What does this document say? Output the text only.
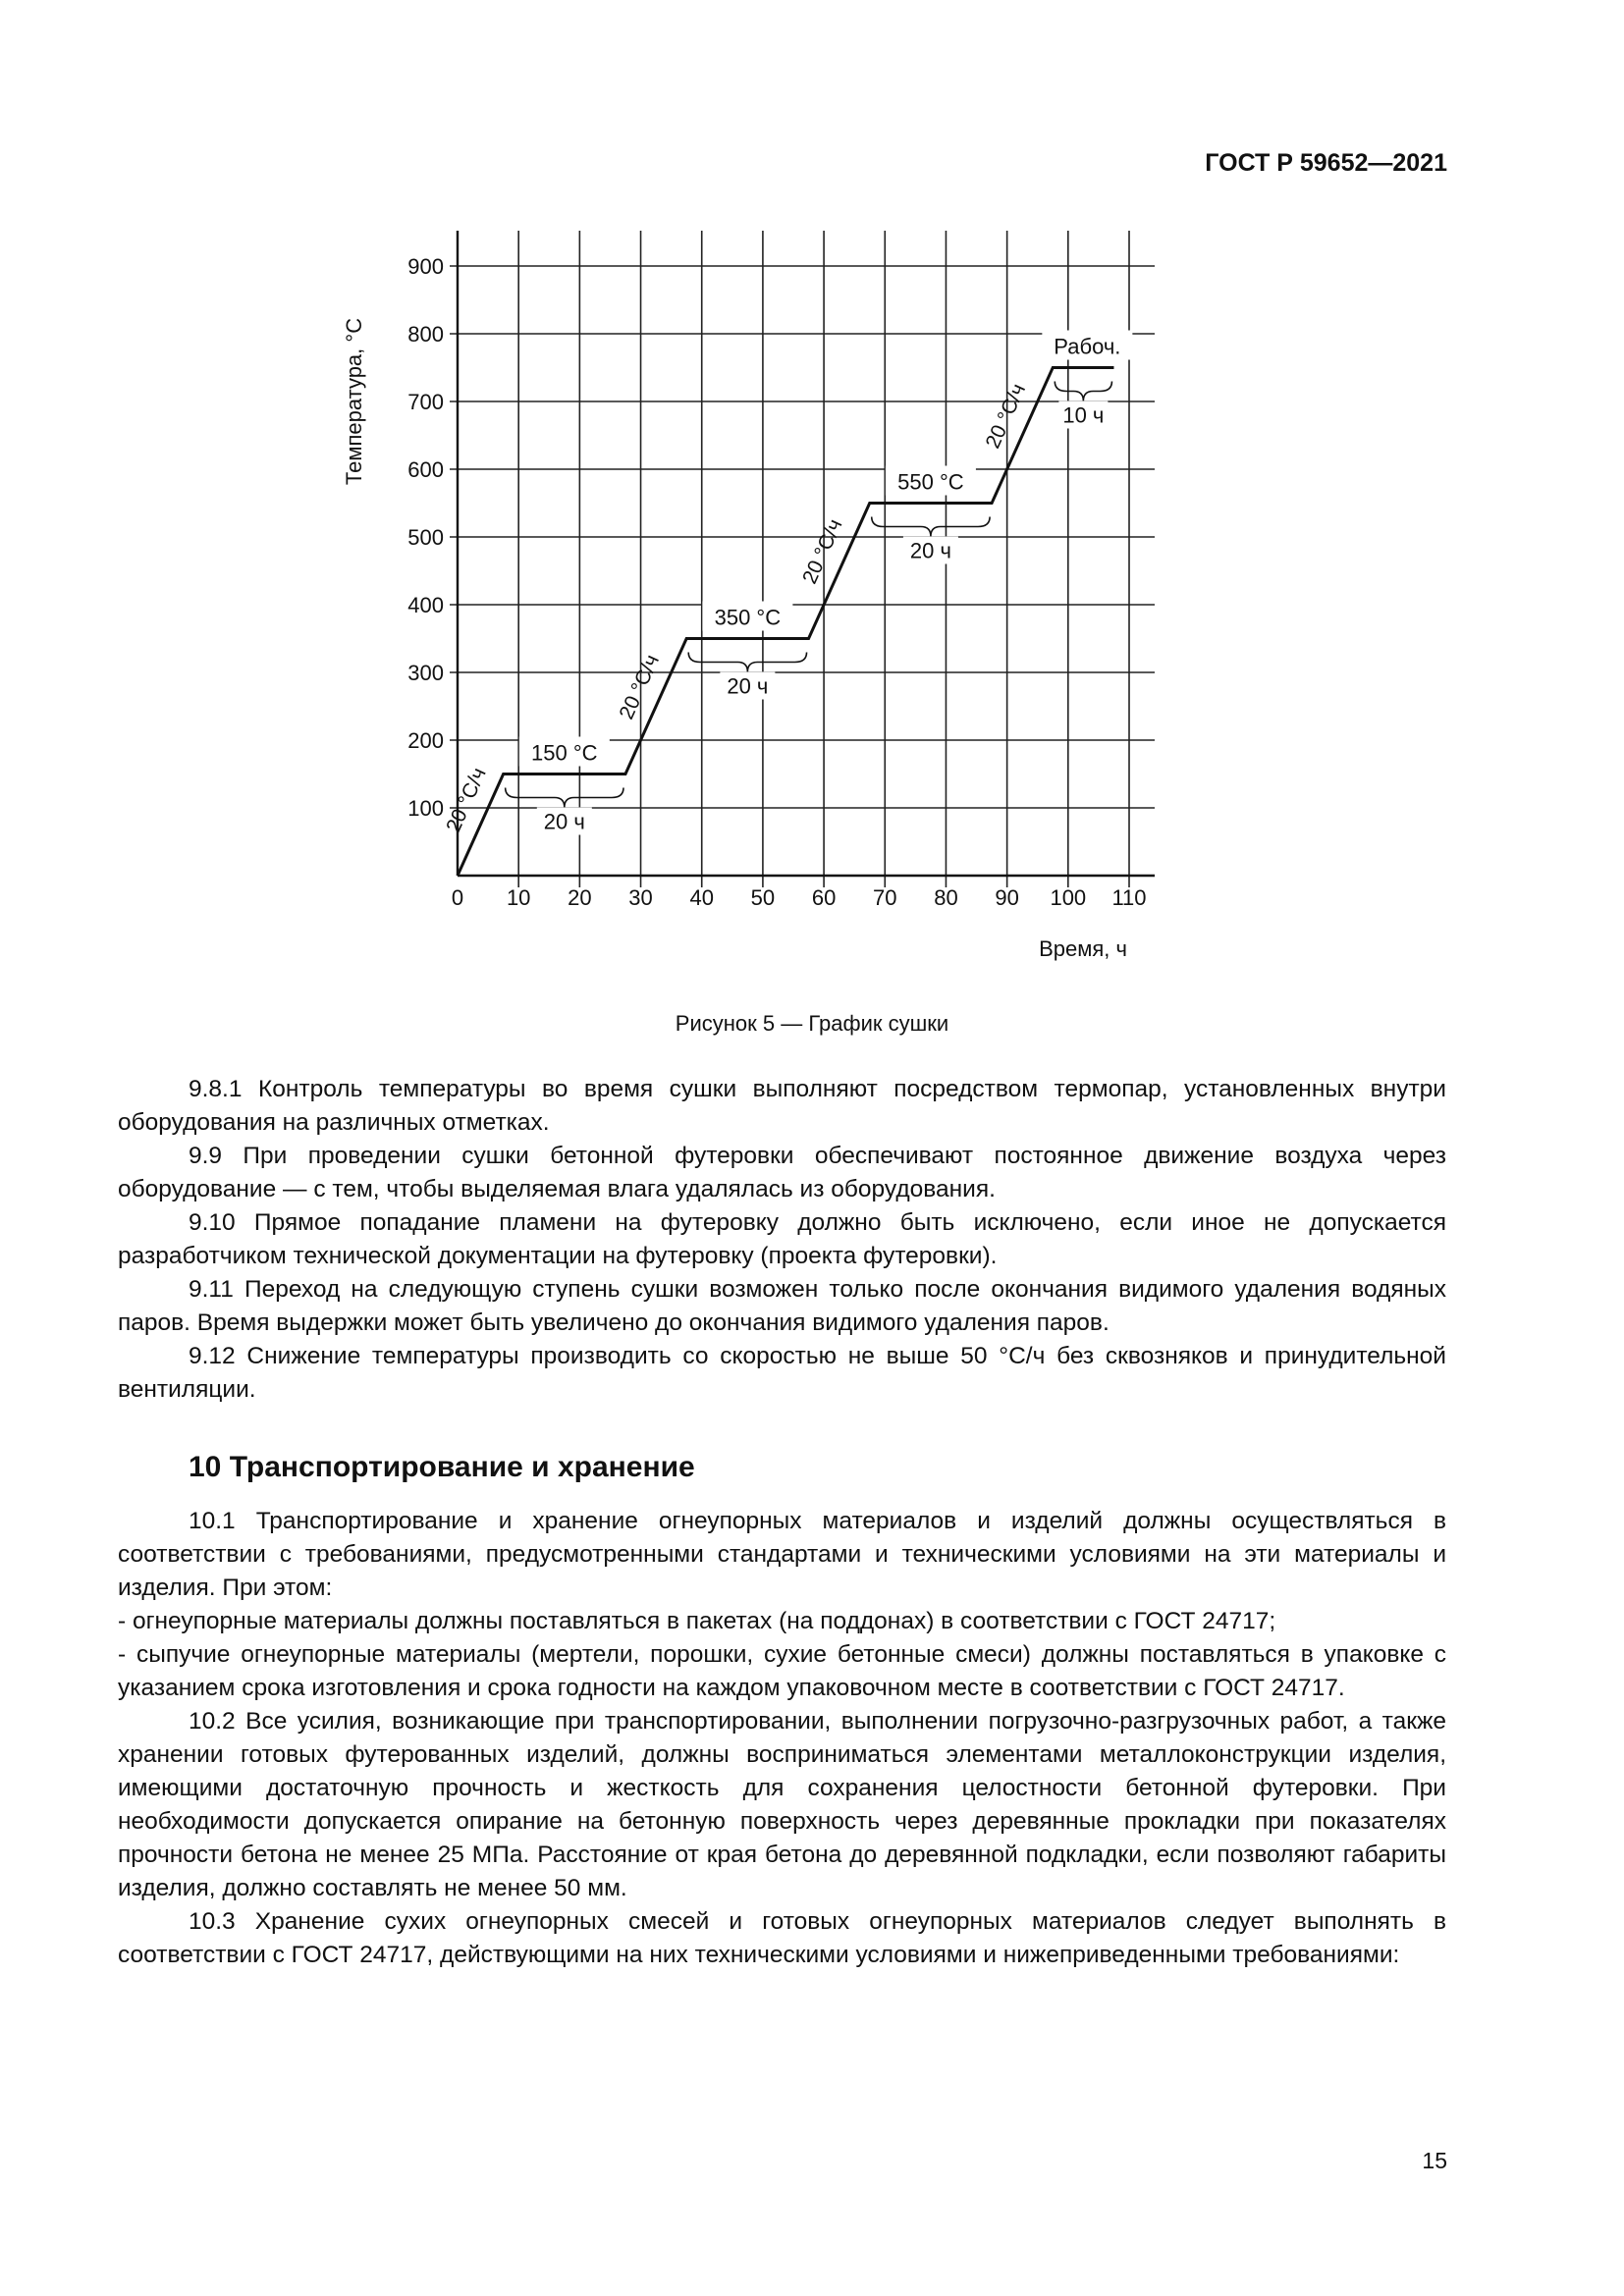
ГОСТ Р 59652—2021

0 10 20 30 40 50 60 70 80 90 100 110
100
200
300
400
500
600
700
800
900
Температура, °С
Время, ч
20 ч
20 ч
20 ч
10 ч
150 °С
350 °С
550 °С
Рабоч.
20 °С/ч
20 °С/ч
20 °С/ч
20 °С/ч

Рисунок 5 — График сушки

9.8.1 Контроль температуры во время сушки выполняют посредством термопар, установленных внутри оборудования на различных отметках.

9.9 При проведении сушки бетонной футеровки обеспечивают постоянное движение воздуха через оборудование — с тем, чтобы выделяемая влага удалялась из оборудования.

9.10 Прямое попадание пламени на футеровку должно быть исключено, если иное не допускается разработчиком технической документации на футеровку (проекта футеровки).

9.11 Переход на следующую ступень сушки возможен только после окончания видимого удаления водяных паров. Время выдержки может быть увеличено до окончания видимого удаления паров.

9.12 Снижение температуры производить со скоростью не выше 50 °С/ч без сквозняков и принудительной вентиляции.

10 Транспортирование и хранение

10.1 Транспортирование и хранение огнеупорных материалов и изделий должны осуществляться в соответствии с требованиями, предусмотренными стандартами и техническими условиями на эти материалы и изделия. При этом:

- огнеупорные материалы должны поставляться в пакетах (на поддонах) в соответствии с ГОСТ 24717;

- сыпучие огнеупорные материалы (мертели, порошки, сухие бетонные смеси) должны поставляться в упаковке с указанием срока изготовления и срока годности на каждом упаковочном месте в соответствии с ГОСТ 24717.

10.2 Все усилия, возникающие при транспортировании, выполнении погрузочно-разгрузочных работ, а также хранении готовых футерованных изделий, должны восприниматься элементами металлоконструкции изделия, имеющими достаточную прочность и жесткость для сохранения целостности бетонной футеровки. При необходимости допускается опирание на бетонную поверхность через деревянные прокладки при показателях прочности бетона не менее 25 МПа. Расстояние от края бетона до деревянной подкладки, если позволяют габариты изделия, должно составлять не менее 50 мм.

10.3 Хранение сухих огнеупорных смесей и готовых огнеупорных материалов следует выполнять в соответствии с ГОСТ 24717, действующими на них техническими условиями и нижеприведенными требованиями:

15
